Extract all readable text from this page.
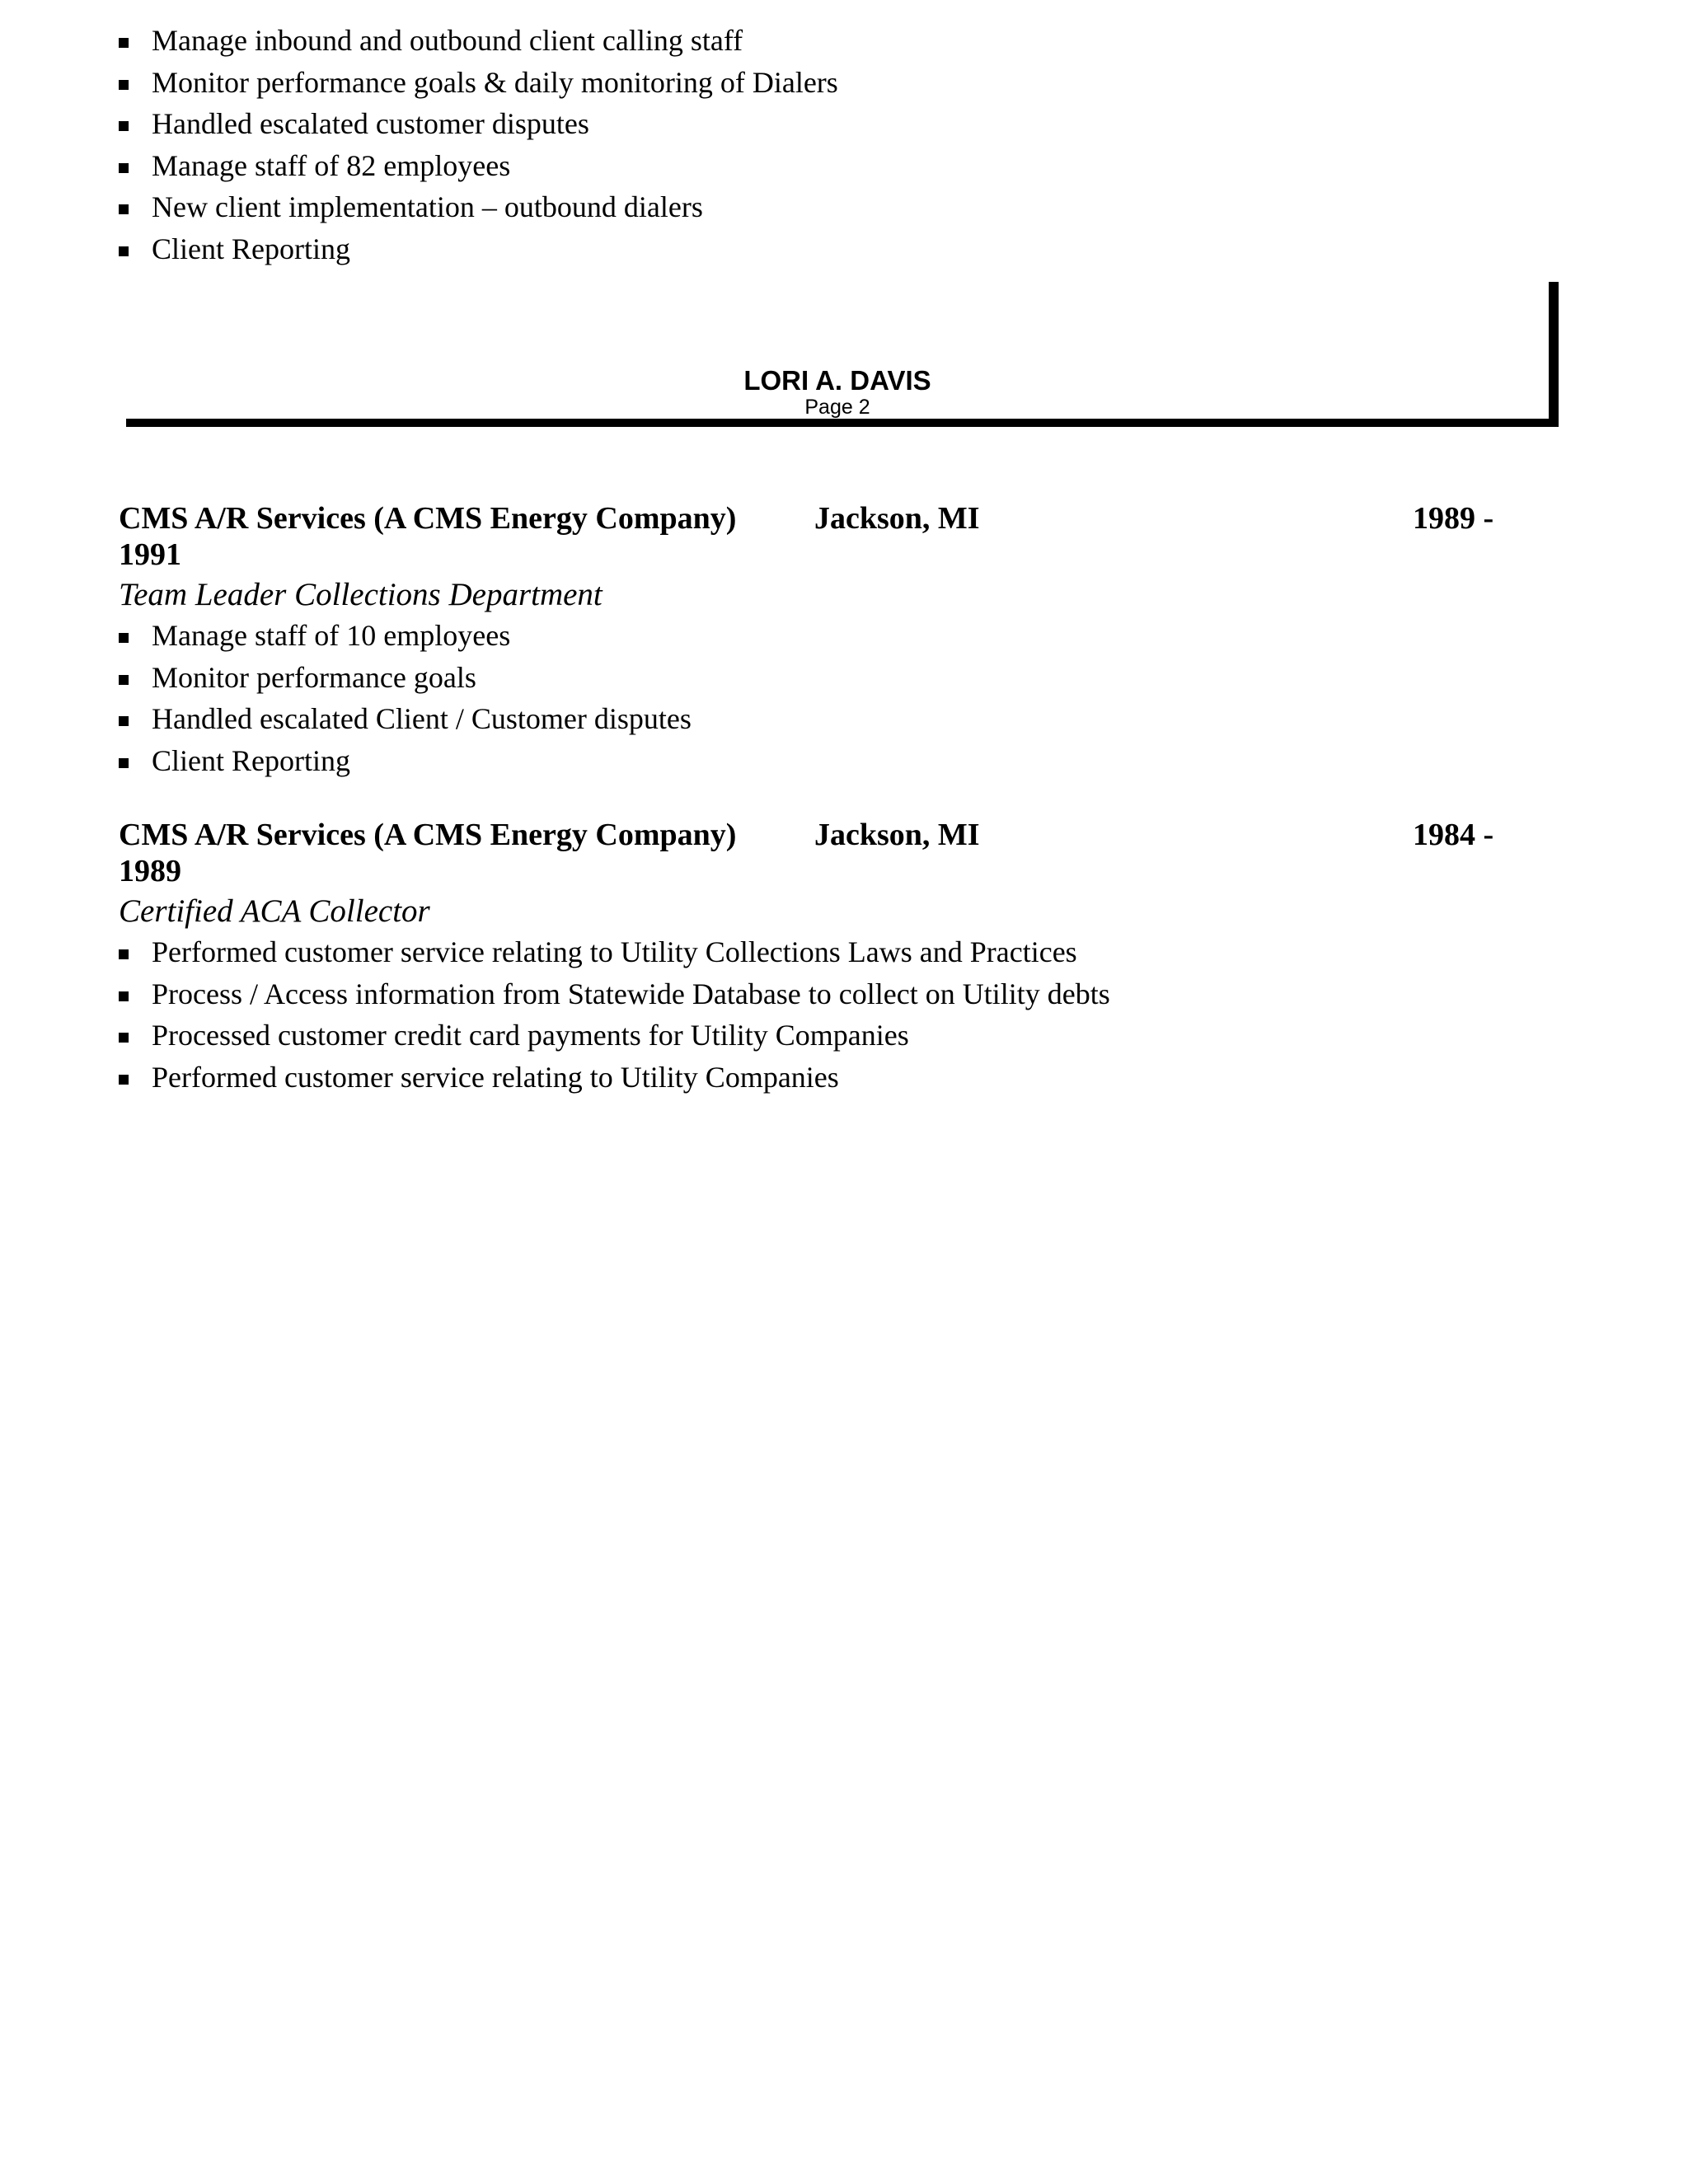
Manage inbound and outbound client calling staff
Monitor performance goals & daily monitoring of Dialers
Handled escalated customer disputes
Manage staff of 82 employees
New client implementation – outbound dialers
Client Reporting
LORI A. DAVIS
Page 2
CMS A/R Services (A CMS Energy Company) Jackson, MI	1989 -
1991
Team Leader Collections Department
Manage staff of 10 employees
Monitor performance goals
Handled escalated Client / Customer disputes
Client Reporting
CMS A/R Services (A CMS Energy Company) Jackson, MI	1984 -
1989
Certified ACA Collector
Performed customer service relating to Utility Collections Laws and Practices
Process / Access information from Statewide Database to collect on Utility debts
Processed customer credit card payments for Utility Companies
Performed customer service relating to Utility Companies
